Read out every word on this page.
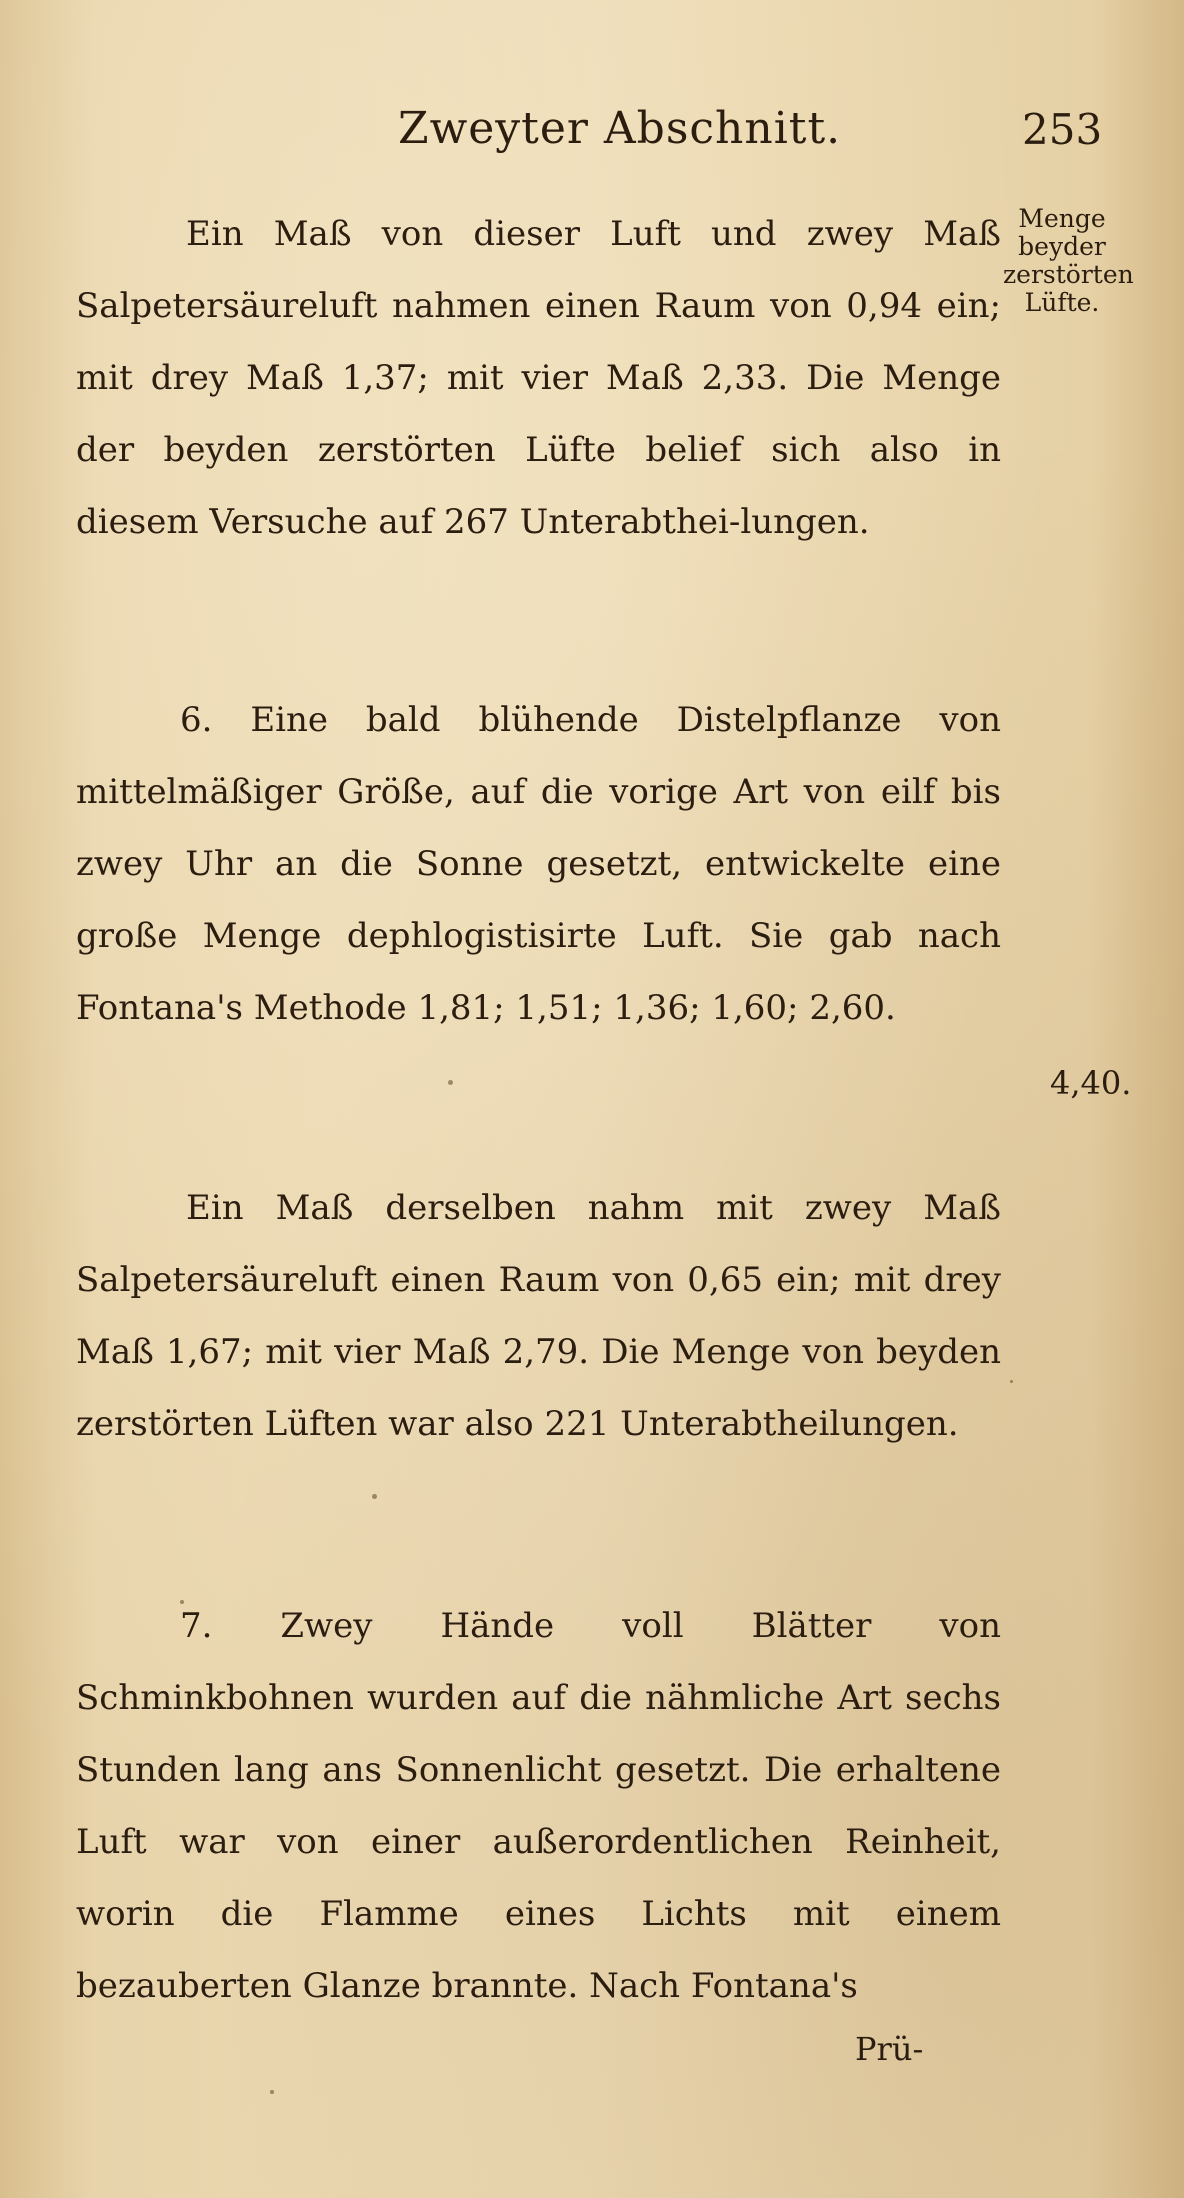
Zweyter Abschnitt.	253
Menge beyder zerstörten Lüfte.
Ein Maß von dieser Luft und zwey Maß Salpetersäureluft nahmen einen Raum von 0,94 ein; mit drey Maß 1,37; mit vier Maß 2,33. Die Menge der beyden zerstörten Lüfte belief sich also in diesem Versuche auf 267 Unterabthei-lungen.
6. Eine bald blühende Distelpflanze von mittelmäßiger Größe, auf die vorige Art von eilf bis zwey Uhr an die Sonne gesetzt, entwickelte eine große Menge dephlogistisirte Luft. Sie gab nach Fontana's Methode 1,81; 1,51; 1,36; 1,60; 2,60.
4,40.
Ein Maß derselben nahm mit zwey Maß Salpetersäureluft einen Raum von 0,65 ein; mit drey Maß 1,67; mit vier Maß 2,79. Die Menge von beyden zerstörten Lüften war also 221 Unterabtheilungen.
7. Zwey Hände voll Blätter von Schminkbohnen wurden auf die nähmliche Art sechs Stunden lang ans Sonnenlicht gesetzt. Die erhaltene Luft war von einer außerordentlichen Reinheit, worin die Flamme eines Lichts mit einem bezauberten Glanze brannte. Nach Fontana's
Prü-
